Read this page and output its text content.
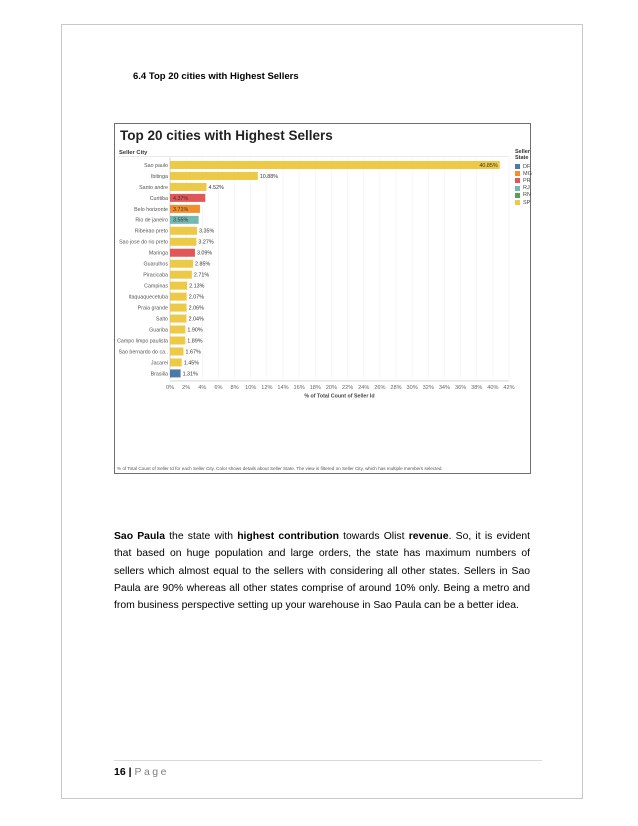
6.4 Top 20 cities with Highest Sellers
Seller City
Sao paulo	40.85%
Ibitinga	10.88%
Santo andre	4.52%
Curitiba 4.37%
Belo horizonte 3.71%
Rio de janeiro 3.55%
Ribeirao preto	3.35%
Sao jose do rio preto	3.27%
Maringa	3.09%
Guarulhos	2.85%
Piracicaba	2.71%
Campinas	2.13%
Itaquaquecetuba	2.07%
Praia grande	2.06%
Salto	2.04%
Guariba	1.90%
Campo limpo paulista	1.89%
Sao bernardo do ca..	1.67%
Jacarei	1.45%
Brasilia	1.31%
0% 2% 4% 6% 8% 10% 12% 14% 16% 18% 20% 22% 24% 26% 28% 30% 32% 34% 36% 38% 40% 42%
% of Total Count of Seller Id
Top 20 cities with Highest Sellers
Seller State
DF
MG
PR
RJ
RN
SP
% of Total Count of Seller Id for each Seller City. Color shows details about Seller State. The view is filtered on Seller City, which has multiple members selected.
Sao Paula the state with highest contribution towards Olist revenue. So, it is evident that based on huge population and large orders, the state has maximum numbers of sellers which almost equal to the sellers with considering all other states. Sellers in Sao Paula are 90% whereas all other states comprise of around 10% only. Being a metro and from business perspective setting up your warehouse in Sao Paula can be a better idea.
16 | Page
